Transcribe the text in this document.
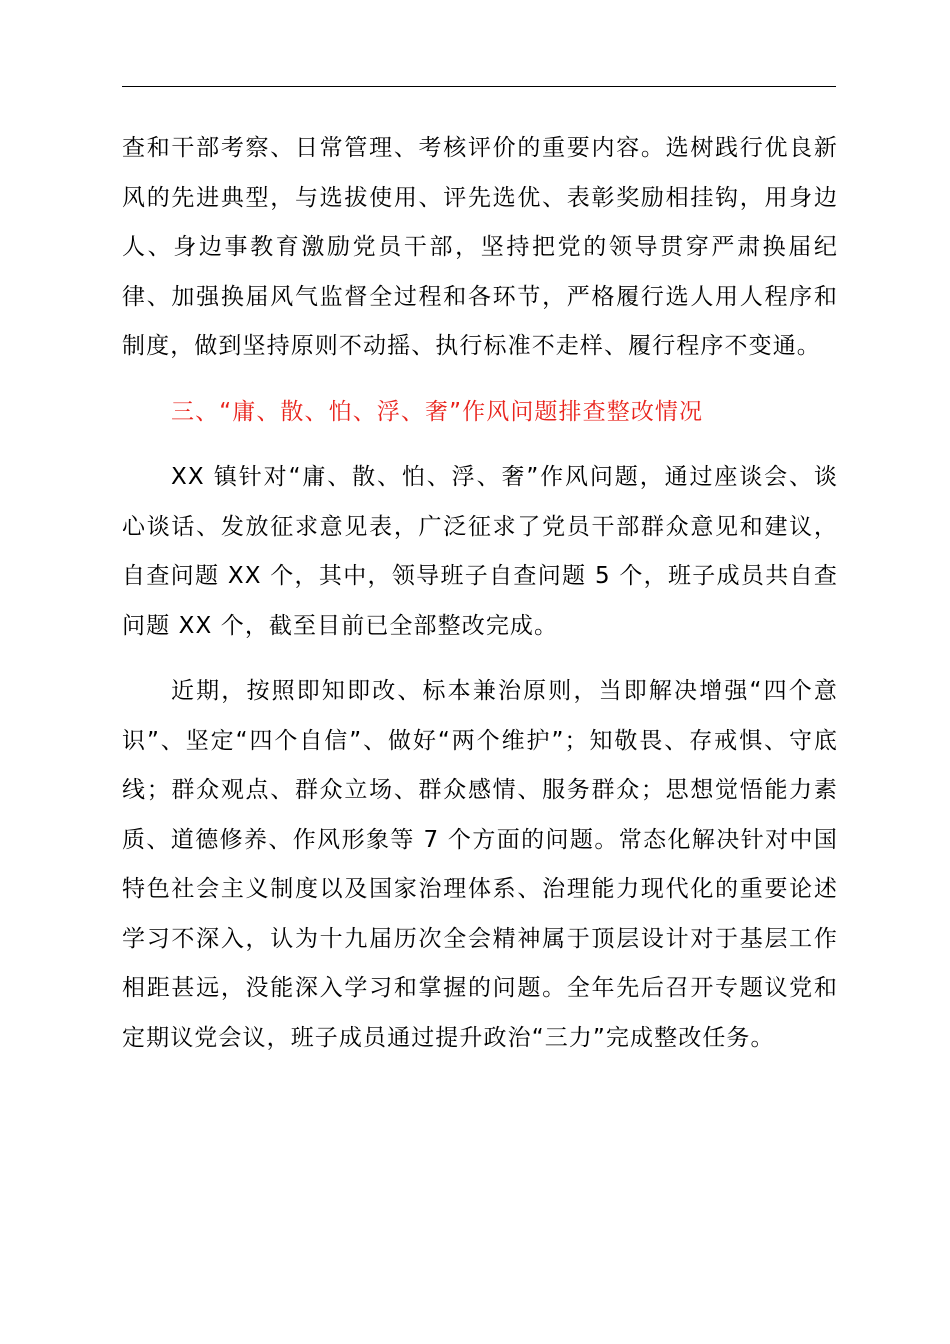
查和干部考察、日常管理、考核评价的重要内容。选树践行优良新风的先进典型，与选拔使用、评先选优、表彰奖励相挂钩，用身边人、身边事教育激励党员干部，坚持把党的领导贯穿严肃换届纪律、加强换届风气监督全过程和各环节，严格履行选人用人程序和制度，做到坚持原则不动摇、执行标准不走样、履行程序不变通。

三、“庸、散、怕、浮、奢”作风问题排查整改情况

XX 镇针对“庸、散、怕、浮、奢”作风问题，通过座谈会、谈心谈话、发放征求意见表，广泛征求了党员干部群众意见和建议，自查问题 XX 个，其中，领导班子自查问题 5 个，班子成员共自查问题 XX 个，截至目前已全部整改完成。

近期，按照即知即改、标本兼治原则，当即解决增强“四个意识”、坚定“四个自信”、做好“两个维护”；知敬畏、存戒惧、守底线；群众观点、群众立场、群众感情、服务群众；思想觉悟能力素质、道德修养、作风形象等 7 个方面的问题。常态化解决针对中国特色社会主义制度以及国家治理体系、治理能力现代化的重要论述学习不深入，认为十九届历次全会精神属于顶层设计对于基层工作相距甚远，没能深入学习和掌握的问题。全年先后召开专题议党和定期议党会议，班子成员通过提升政治“三力”完成整改任务。
